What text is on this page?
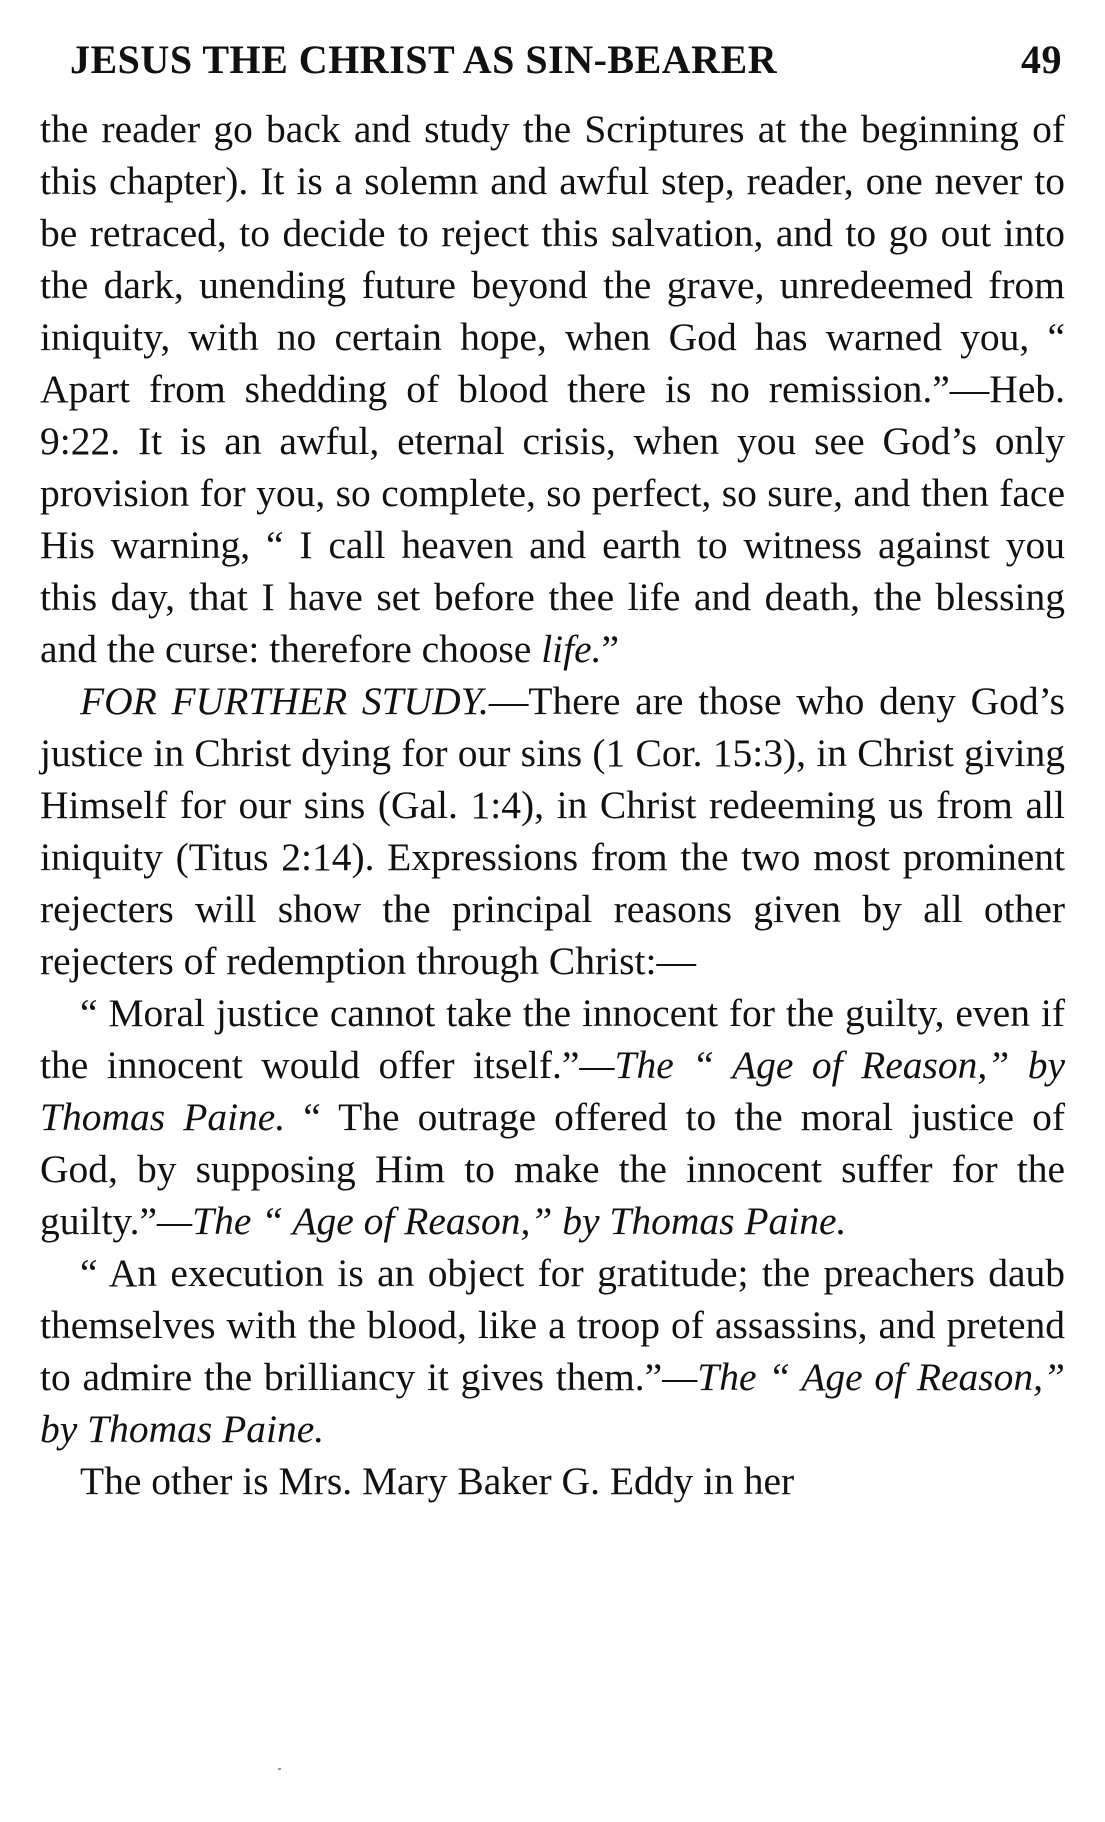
JESUS THE CHRIST AS SIN-BEARER	49

the reader go back and study the Scriptures at the beginning of this chapter). It is a solemn and awful step, reader, one never to be retraced, to decide to reject this salvation, and to go out into the dark, unending future beyond the grave, unredeemed from iniquity, with no certain hope, when God has warned you, “ Apart from shedding of blood there is no remission.”—Heb. 9:22. It is an awful, eternal crisis, when you see God’s only provision for you, so complete, so perfect, so sure, and then face His warning, “ I call heaven and earth to witness against you this day, that I have set before thee life and death, the blessing and the curse: therefore choose life.”

FOR FURTHER STUDY.—There are those who deny God’s justice in Christ dying for our sins (1 Cor. 15:3), in Christ giving Himself for our sins (Gal. 1:4), in Christ redeeming us from all iniquity (Titus 2:14). Expressions from the two most prominent rejecters will show the principal reasons given by all other rejecters of redemption through Christ:—

“ Moral justice cannot take the innocent for the guilty, even if the innocent would offer itself.”—The “ Age of Reason,” by Thomas Paine. “ The outrage offered to the moral justice of God, by supposing Him to make the innocent suffer for the guilty.”—The “ Age of Reason,” by Thomas Paine.

“ An execution is an object for gratitude; the preachers daub themselves with the blood, like a troop of assassins, and pretend to admire the brilliancy it gives them.”—The “ Age of Reason,” by Thomas Paine.

The other is Mrs. Mary Baker G. Eddy in her
